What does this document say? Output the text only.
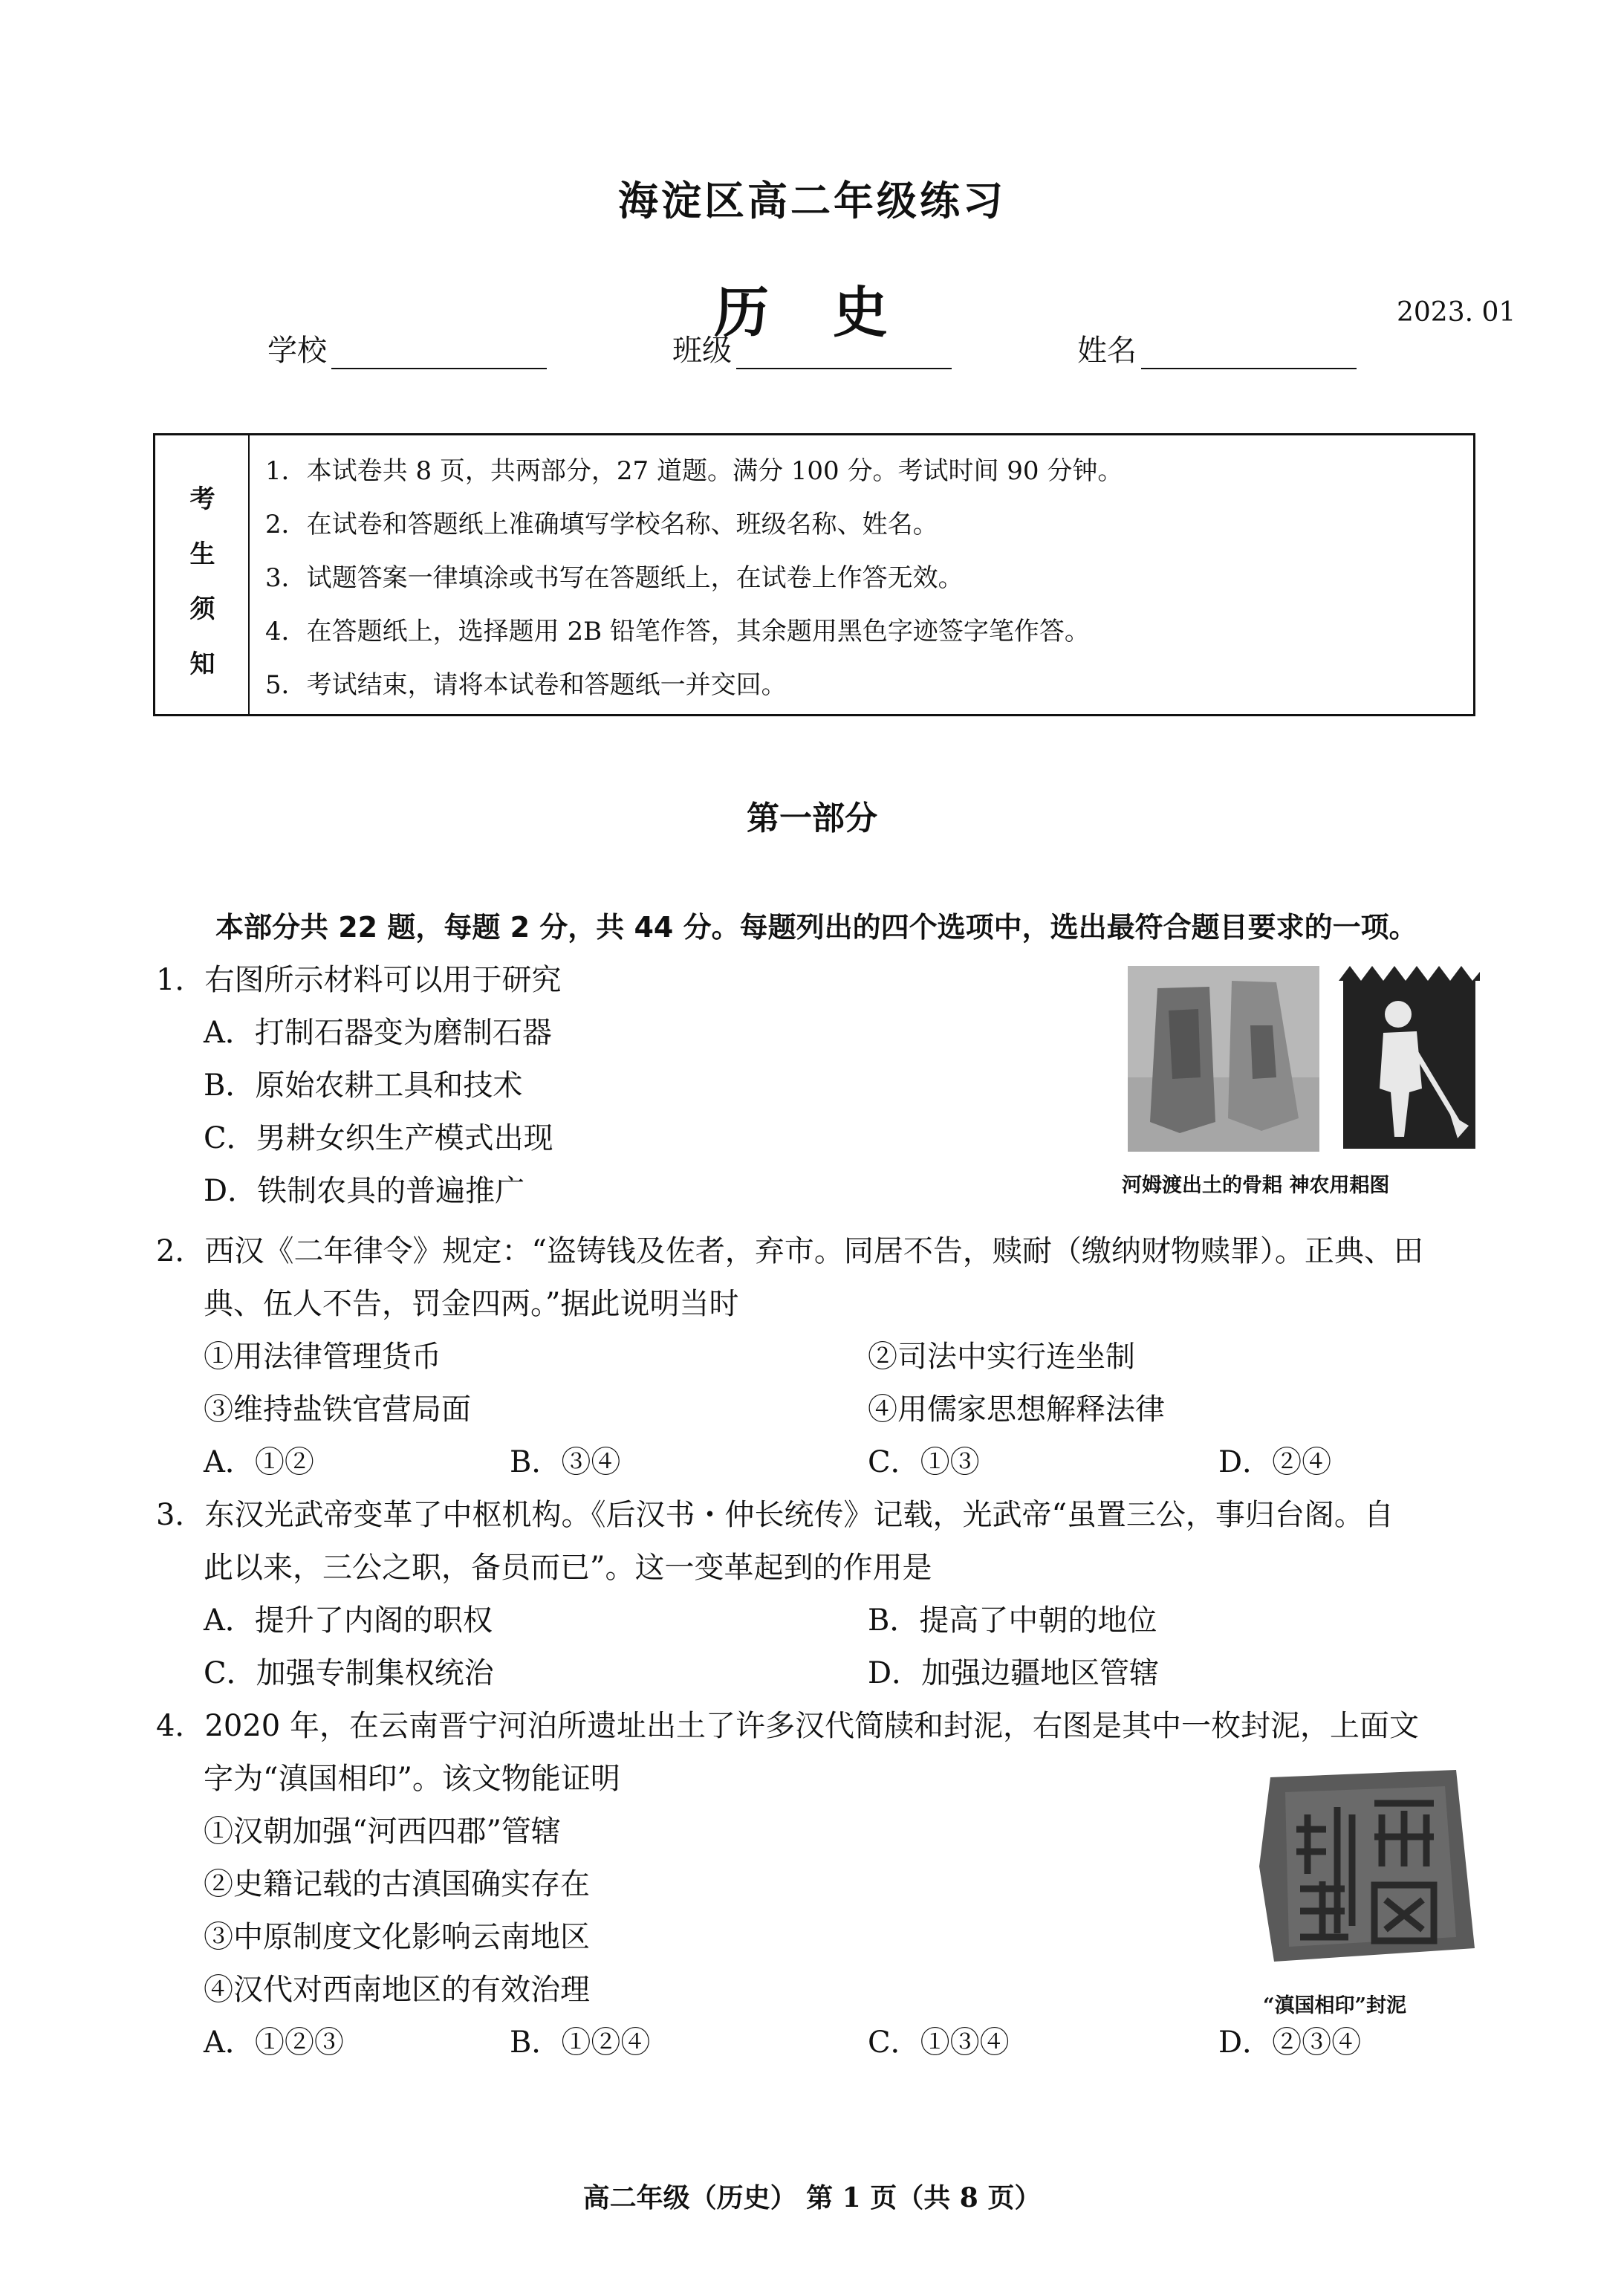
海淀区高二年级练习
历 史	2023. 01
学校	班级	姓名
考
生
须
知
1．本试卷共 8 页，共两部分，27 道题。满分 100 分。考试时间 90 分钟。
2．在试卷和答题纸上准确填写学校名称、班级名称、姓名。
3．试题答案一律填涂或书写在答题纸上，在试卷上作答无效。
4．在答题纸上，选择题用 2B 铅笔作答，其余题用黑色字迹签字笔作答。
5．考试结束，请将本试卷和答题纸一并交回。
第一部分
本部分共 22 题，每题 2 分，共 44 分。每题列出的四个选项中，选出最符合题目要求的一项。
1．右图所示材料可以用于研究
A．打制石器变为磨制石器
B．原始农耕工具和技术
C．男耕女织生产模式出现
D．铁制农具的普遍推广	河姆渡出土的骨耜 神农用耜图
2．西汉《二年律令》规定：“盗铸钱及佐者，弃市。同居不告，赎耐（缴纳财物赎罪）。正典、田
典、伍人不告，罚金四两。”据此说明当时
①用法律管理货币	②司法中实行连坐制
③维持盐铁官营局面	④用儒家思想解释法律
A．①②	B．③④	C．①③	D．②④
3．东汉光武帝变革了中枢机构。《后汉书・仲长统传》记载，光武帝“虽置三公，事归台阁。自
此以来，三公之职，备员而已”。这一变革起到的作用是
A．提升了内阁的职权	B．提高了中朝的地位
C．加强专制集权统治	D．加强边疆地区管辖
4．2020 年，在云南晋宁河泊所遗址出土了许多汉代简牍和封泥，右图是其中一枚封泥，上面文
字为“滇国相印”。该文物能证明
①汉朝加强“河西四郡”管辖
②史籍记载的古滇国确实存在
③中原制度文化影响云南地区
④汉代对西南地区的有效治理
A．①②③	B．①②④	C．①③④	D．②③④
“滇国相印”封泥
高二年级（历史） 第 1 页（共 8 页）
